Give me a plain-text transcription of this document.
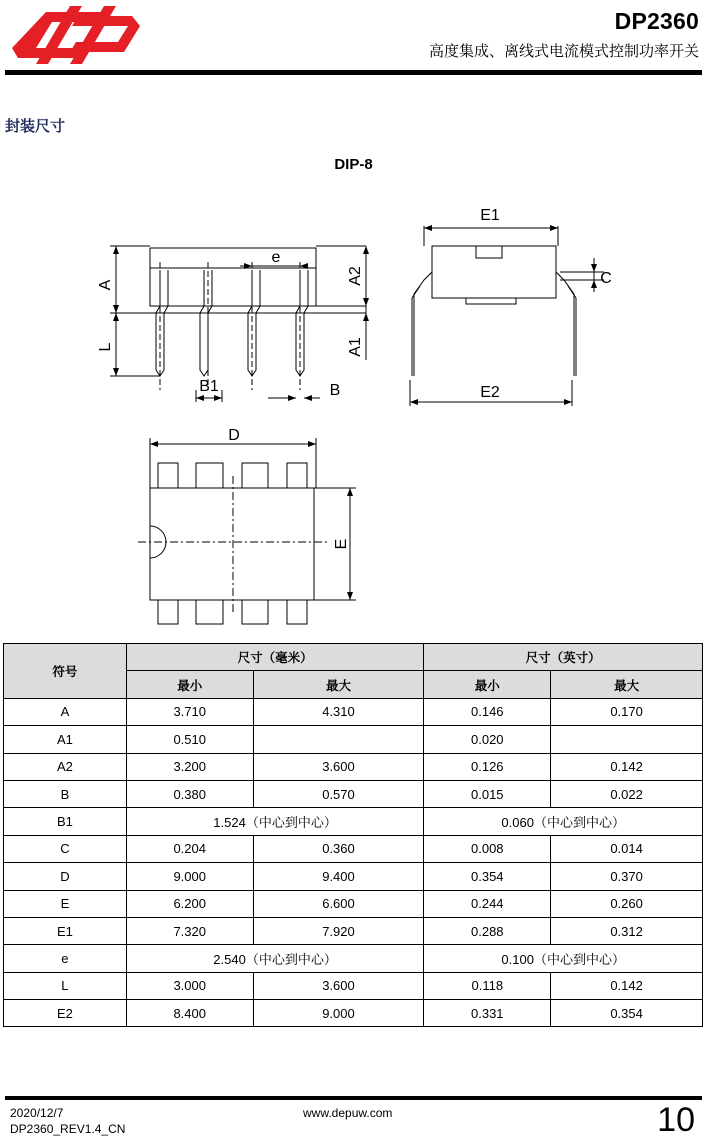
DP2360
高度集成、离线式电流模式控制功率开关
封装尺寸
DIP-8
A
L
A2
A1
e
B1	B
E1
E2
C
D
E
符号	尺寸（毫米）		尺寸（英寸）	
	最小	最大	最小	最大
A	3.710	4.310	0.146	0.170
A1	0.510		0.020	
A2	3.200	3.600	0.126	0.142
B	0.380	0.570	0.015	0.022
B1	1.524（中心到中心）		0.060（中心到中心）	
C	0.204	0.360	0.008	0.014
D	9.000	9.400	0.354	0.370
E	6.200	6.600	0.244	0.260
E1	7.320	7.920	0.288	0.312
e	2.540（中心到中心）		0.100（中心到中心）	
L	3.000	3.600	0.118	0.142
E2	8.400	9.000	0.331	0.354
2020/12/7
DP2360_REV1.4_CN
www.depuw.com	10
